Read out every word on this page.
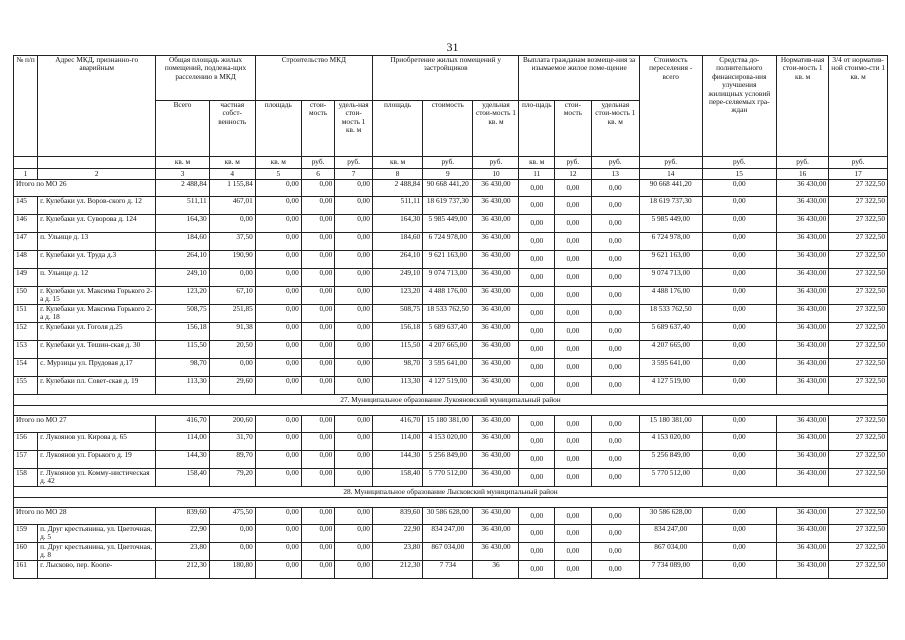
31
№ п/п	Адрес МКД, признанно-го аварийным	Общая площадь жилых помещений, подлежа-щих расселению в МКД		Строительство МКД			Приобретение жилых помещений у застройщиков			Выплата гражданам возмеще-ния за изымаемое жилое поме-щение			Стоимость переселения - всего	Средства до-полнительного финансирова-ния улучшения жилищных условий пере-селяемых гра-ждан	Норматив-ная стои-мость 1 кв. м	3/4 от норматив-ной стоимо-сти 1 кв. м
		Всего	частная собст-венность	площадь	стои-мость	удель-ная стои-мость 1 кв. м	площадь	стоимость	удельная стои-мость 1 кв. м	пло-щадь	стои-мость	удельная стои-мость 1 кв. м				
		кв. м	кв. м	кв. м	руб.	руб.	кв. м	руб.	руб.	кв. м	руб.	руб.	руб.	руб.	руб.	руб.
1	2	3	4	5	6	7	8	9	10	11	12	13	14	15	16	17
Итого по МО 26		2 488,84	1 155,84	0,00	0,00	0,00	2 488,84	90 668 441,20	36 430,00	0,00	0,00	0,00	90 668 441,20	0,00	36 430,00	27 322,50
145	г. Кулебаки ул. Воров-ского д. 12	511,11	467,01	0,00	0,00	0,00	511,11	18 619 737,30	36 430,00	0,00	0,00	0,00	18 619 737,30	0,00	36 430,00	27 322,50
146	г. Кулебаки ул. Суворова д. 124	164,30	0,00	0,00	0,00	0,00	164,30	5 985 449,00	36 430,00	0,00	0,00	0,00	5 985 449,00	0,00	36 430,00	27 322,50
147	п. Ульище д. 13	184,60	37,50	0,00	0,00	0,00	184,60	6 724 978,00	36 430,00	0,00	0,00	0,00	6 724 978,00	0,00	36 430,00	27 322,50
148	г. Кулебаки ул. Труда д.3	264,10	190,90	0,00	0,00	0,00	264,10	9 621 163,00	36 430,00	0,00	0,00	0,00	9 621 163,00	0,00	36 430,00	27 322,50
149	п. Ульище д. 12	249,10	0,00	0,00	0,00	0,00	249,10	9 074 713,00	36 430,00	0,00	0,00	0,00	9 074 713,00	0,00	36 430,00	27 322,50
150	г. Кулебаки ул. Максима Горького 2-а д. 15	123,20	67,10	0,00	0,00	0,00	123,20	4 488 176,00	36 430,00	0,00	0,00	0,00	4 488 176,00	0,00	36 430,00	27 322,50
151	г. Кулебаки ул. Максима Горького 2-а д. 18	508,75	251,85	0,00	0,00	0,00	508,75	18 533 762,50	36 430,00	0,00	0,00	0,00	18 533 762,50	0,00	36 430,00	27 322,50
152	г. Кулебаки ул. Гоголя д.25	156,18	91,38	0,00	0,00	0,00	156,18	5 689 637,40	36 430,00	0,00	0,00	0,00	5 689 637,40	0,00	36 430,00	27 322,50
153	г. Кулебаки ул. Тешин-ская д. 30	115,50	20,50	0,00	0,00	0,00	115,50	4 207 665,00	36 430,00	0,00	0,00	0,00	4 207 665,00	0,00	36 430,00	27 322,50
154	с. Мурзицы ул. Прудовая д.17	98,70	0,00	0,00	0,00	0,00	98,70	3 595 641,00	36 430,00	0,00	0,00	0,00	3 595 641,00	0,00	36 430,00	27 322,50
155	г. Кулебаки пл. Совет-ская д. 19	113,30	29,60	0,00	0,00	0,00	113,30	4 127 519,00	36 430,00	0,00	0,00	0,00	4 127 519,00	0,00	36 430,00	27 322,50
27. Муниципальное образование Лукояновский муниципальный район																

Итого по МО 27		416,70	200,60	0,00	0,00	0,00	416,70	15 180 381,00	36 430,00	0,00	0,00	0,00	15 180 381,00	0,00	36 430,00	27 322,50
156	г. Лукоянов ул. Кирова д. 65	114,00	31,70	0,00	0,00	0,00	114,00	4 153 020,00	36 430,00	0,00	0,00	0,00	4 153 020,00	0,00	36 430,00	27 322,50
157	г. Лукоянов ул. Горького д. 19	144,30	89,70	0,00	0,00	0,00	144,30	5 256 849,00	36 430,00	0,00	0,00	0,00	5 256 849,00	0,00	36 430,00	27 322,50
158	г. Лукоянов ул. Комму-нистическая д. 42	158,40	79,20	0,00	0,00	0,00	158,40	5 770 512,00	36 430,00	0,00	0,00	0,00	5 770 512,00	0,00	36 430,00	27 322,50
28. Муниципальное образование Лысковский муниципальный район																

Итого по МО 28		839,60	475,50	0,00	0,00	0,00	839,60	30 586 628,00	36 430,00	0,00	0,00	0,00	30 586 628,00	0,00	36 430,00	27 322,50
159	п. Друг крестьянина, ул. Цветочная, д. 5	22,90	0,00	0,00	0,00	0,00	22,90	834 247,00	36 430,00	0,00	0,00	0,00	834 247,00	0,00	36 430,00	27 322,50
160	п. Друг крестьянина, ул. Цветочная, д. 8	23,80	0,00	0,00	0,00	0,00	23,80	867 034,00	36 430,00	0,00	0,00	0,00	867 034,00	0,00	36 430,00	27 322,50
161	г. Лысково, пер. Коопе-	212,30	180,80	0,00	0,00	0,00	212,30	7 734	36	0,00	0,00	0,00	7 734 089,00	0,00	36 430,00	27 322,50
